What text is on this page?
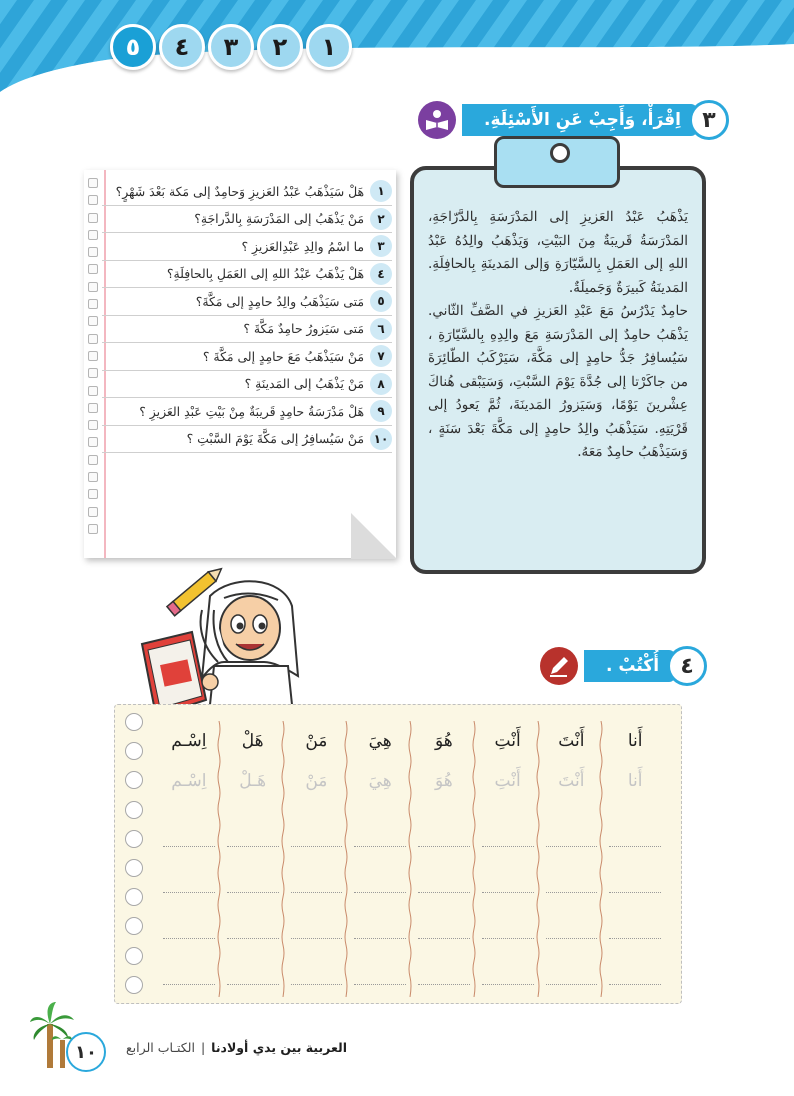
٥	٤	٣	٢	١
٣
اِقْرَأْ، وَأَجِبْ عَنِ الأَسْئِلَةِ.

يَذْهَبُ عَبْدُ العَزيزِ إلى المَدْرَسَةِ بِالدَّرّاجَةِ، المَدْرَسَةُ قَريبَةٌ مِنَ البَيْتِ، وَيَذْهَبُ والِدُهُ عَبْدُ اللهِ إلى العَمَلِ بِالسَّيّارَةِ وَإلى المَدينَةِ بِالحافِلَةِ. المَدينَةُ كَبيرَةٌ وَجَميلَةٌ.

حامِدٌ يَدْرُسُ مَعَ عَبْدِ العَزيزِ في الصَّفِّ الثّاني. يَذْهَبُ حامِدٌ إلى المَدْرَسَةِ مَعَ والِدِهِ بِالسَّيّارَةِ ، سَيُسافِرُ جَدُّ حامِدٍ إلى مَكَّةَ، سَيَرْكَبُ الطّائِرَةَ من جاكَرْتا إلى جُدَّةَ يَوْمَ السَّبْتِ، وَسَيَبْقى هُناكَ عِشْرينَ يَوْمًا، وَسَيَزورُ المَدينَةَ، ثُمَّ يَعودُ إلى قَرْيَتِهِ. سَيَذْهَبُ والِدُ حامِدٍ إلى مَكَّةَ بَعْدَ سَنَةٍ ، وَسَيَذْهَبُ حامِدٌ مَعَهُ.

١
هَلْ سَيَذْهَبُ عَبْدُ العَزيزِ وَحامِدٌ إلى مَكة بَعْدَ شَهْرٍ؟
٢
مَنْ يَذْهَبُ إلى المَدْرَسَةِ بِالدَّراجَةِ؟
٣
ما اسْمُ والِدِ عَبْدِالعَزيزِ ؟
٤
هَلْ يَذْهَبُ عَبْدُ اللهِ إلى العَمَلِ بِالحافِلَةِ؟
٥
مَتى سَيَذْهَبُ والِدُ حامِدٍ إلى مَكَّةَ؟
٦
مَتى سَيَزورُ حامِدٌ مَكَّةَ ؟
٧
مَنْ سَيَذْهَبُ مَعَ حامِدٍ إلى مَكَّةَ ؟
٨
مَنْ يَذْهَبُ إلى المَدينَةِ ؟
٩
هَلْ مَدْرَسَةُ حامِدٍ قَريبَةٌ مِنْ بَيْتِ عَبْدِ العَزيزِ ؟
١٠
مَنْ سَيُسافِرُ إلى مَكَّةَ يَوْمَ السَّبْتِ ؟
٤
أُكْتُبْ .
أَنا
أَنا
أَنْتَ
أَنْتَ
أَنْتِ
أَنْتِ
هُوَ
هُوَ
هِيَ
هِيَ
مَنْ
مَنْ
هَلْ
هَـلْ
اِسْـم
اِسْـم
١٠	العربية بين يدي أولادنا
|
الكتـاب الرابع
